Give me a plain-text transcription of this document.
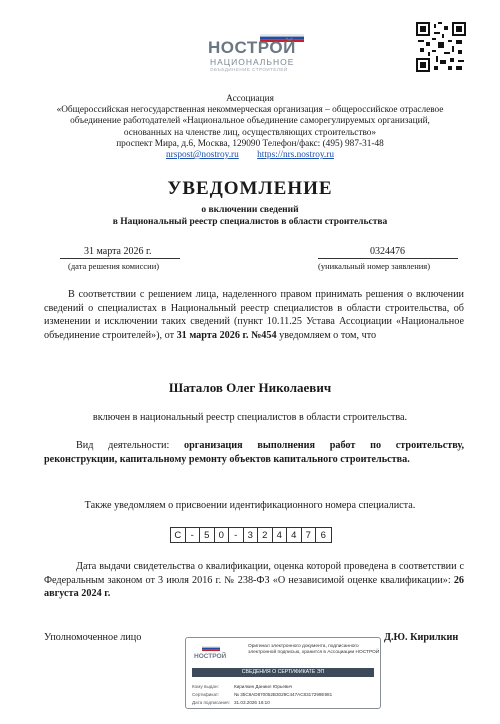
НОСТРОЙ
НАЦИОНАЛЬНОЕ
ОБЪЕДИНЕНИЕ СТРОИТЕЛЕЙ
Ассоциация
«Общероссийская негосударственная некоммерческая организация – общероссийское отраслевое
объединение работодателей «Национальное объединение саморегулируемых организаций,
основанных на членстве лиц, осуществляющих строительство»
проспект Мира, д.6, Москва, 129090 Телефон/факс: (495) 987-31-48
nrspost@nostroy.ru https://nrs.nostroy.ru
УВЕДОМЛЕНИЕ
о включении сведений
в Национальный реестр специалистов в области строительства
31 марта 2026 г.
(дата решения комиссии)
0324476
(уникальный номер заявления)
В соответствии с решением лица, наделенного правом принимать решения о включении сведений о специалистах в Национальный реестр специалистов в области строительства, об изменении и исключении таких сведений (пункт 10.11.25 Устава Ассоциации «Национальное объединение строителей»), от 31 марта 2026 г. №454 уведомляем о том, что
Шаталов Олег Николаевич
включен в национальный реестр специалистов в области строительства.
Вид деятельности: организация выполнения работ по строительству, реконструкции, капитальному ремонту объектов капитального строительства.
Также уведомляем о присвоении идентификационного номера специалиста.
С -	5 0	-	3 2 4 4 7	6
Дата выдачи свидетельства о квалификации, оценка которой проведена в соответствии с Федеральным законом от 3 июля 2016 г. № 238-ФЗ «О независимой оценке квалификации»: 26 августа 2024 г.
Уполномоченное лицо	Д.Ю. Кирилкин
НОСТРОЙ
Оригинал электронного документа, подписанного электронной подписью, хранится в Ассоциации НОСТРОЙ
СВЕДЕНИЯ О СЕРТИФИКАТЕ ЭП
Кому выдан:	Кирилкин Даниил Юрьевич
Сертификат:	№ 35C8AD870052B3029C447AC8317299E981
Дата подписания: 31.03.2026 16:10
